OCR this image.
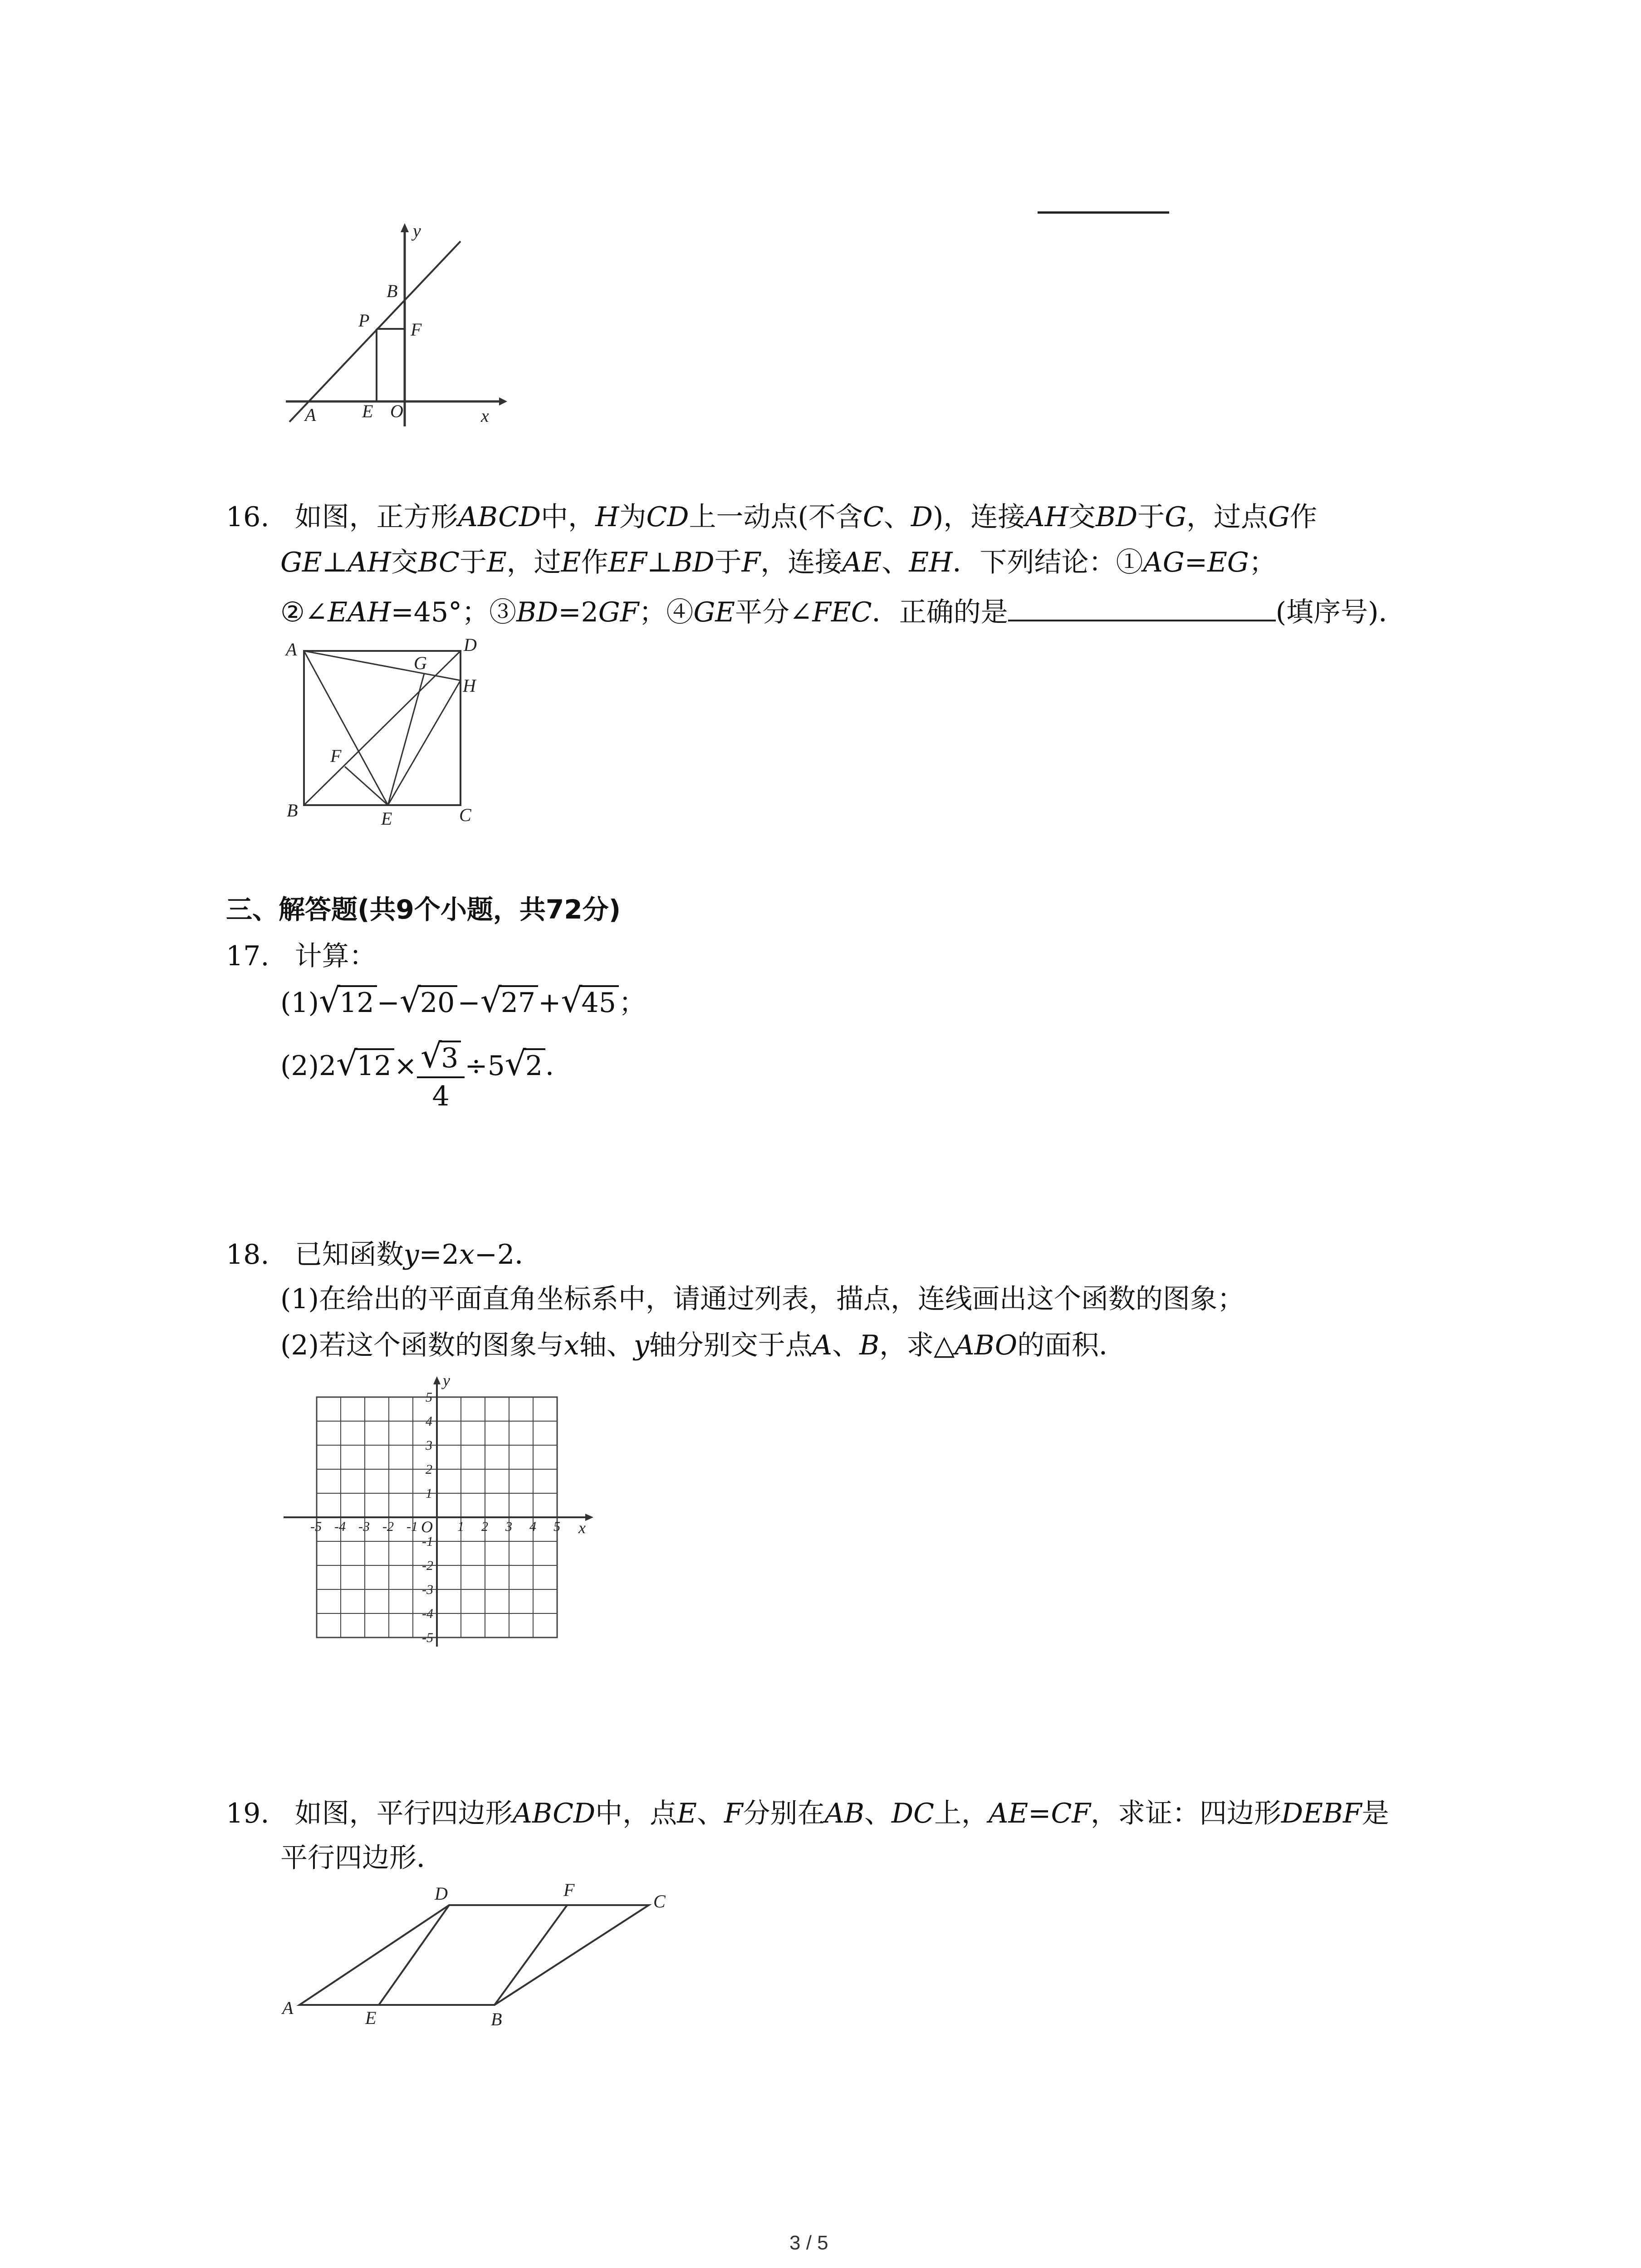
y
x
B
P F
A	E O
16. 如图，正方形ABCD中，H为CD上一动点(不含C、D)，连接AH交BD于G，过点G作
GE⊥AH交BC于E，过E作EF⊥BD于F，连接AE、EH．下列结论：①AG=EG；
②∠EAH=45°；③BD=2GF；④GE平分∠FEC．正确的是	(填序号)．
A	D
G
H
F
B	E	C
三、解答题(共9个小题，共72分)
17. 计算：
(1)√12 −√20 −√27 +√45 ；
$(2)2√12 \times \frac{√3}{4} \div 5√2$ ．
18. 已知函数y=2x−2．
(1)在给出的平面直角坐标系中，请通过列表，描点，连线画出这个函数的图象；
(2)若这个函数的图象与x轴、y轴分别交于点A、B，求△ABO的面积．
y
x
O
-5 -4 -3 -2 -1	1 2 3 4 5
5
4
3
2
1
-1
-2
-3
-4
-5
19. 如图，平行四边形ABCD中，点E、F分别在AB、DC上，AE=CF，求证：四边形DEBF是
平行四边形．
D	F
C
A	E	B
3 / 5
